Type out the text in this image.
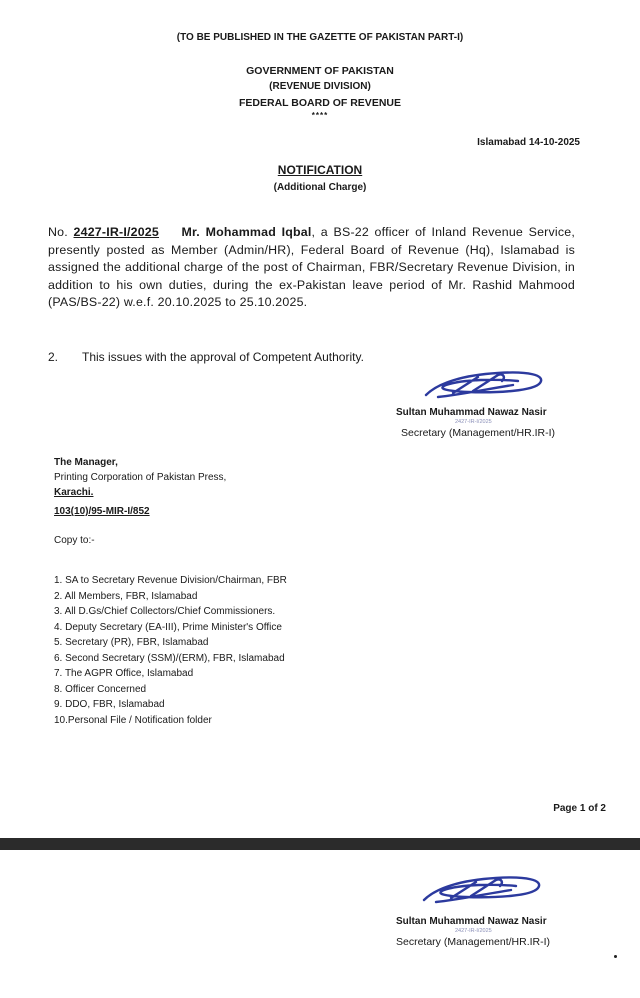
(TO BE PUBLISHED IN THE GAZETTE OF PAKISTAN PART-I)
GOVERNMENT OF PAKISTAN
(REVENUE DIVISION)
FEDERAL BOARD OF REVENUE
****
Islamabad 14-10-2025
NOTIFICATION
(Additional Charge)
No. 2427-IR-I/2025 Mr. Mohammad Iqbal, a BS-22 officer of Inland Revenue Service, presently posted as Member (Admin/HR), Federal Board of Revenue (Hq), Islamabad is assigned the additional charge of the post of Chairman, FBR/Secretary Revenue Division, in addition to his own duties, during the ex-Pakistan leave period of Mr. Rashid Mahmood (PAS/BS-22) w.e.f. 20.10.2025 to 25.10.2025.
2. This issues with the approval of Competent Authority.
Sultan Muhammad Nawaz Nasir
2427-IR-I/2025
Secretary (Management/HR.IR-I)
The Manager,
Printing Corporation of Pakistan Press,
Karachi.
103(10)/95-MIR-I/852
Copy to:-
1. SA to Secretary Revenue Division/Chairman, FBR
2. All Members, FBR, Islamabad
3. All D.Gs/Chief Collectors/Chief Commissioners.
4. Deputy Secretary (EA-III), Prime Minister's Office
5. Secretary (PR), FBR, Islamabad
6. Second Secretary (SSM)/(ERM), FBR, Islamabad
7. The AGPR Office, Islamabad
8. Officer Concerned
9. DDO, FBR, Islamabad
10.Personal File / Notification folder
Page 1 of 2
Sultan Muhammad Nawaz Nasir
2427-IR-I/2025
Secretary (Management/HR.IR-I)
